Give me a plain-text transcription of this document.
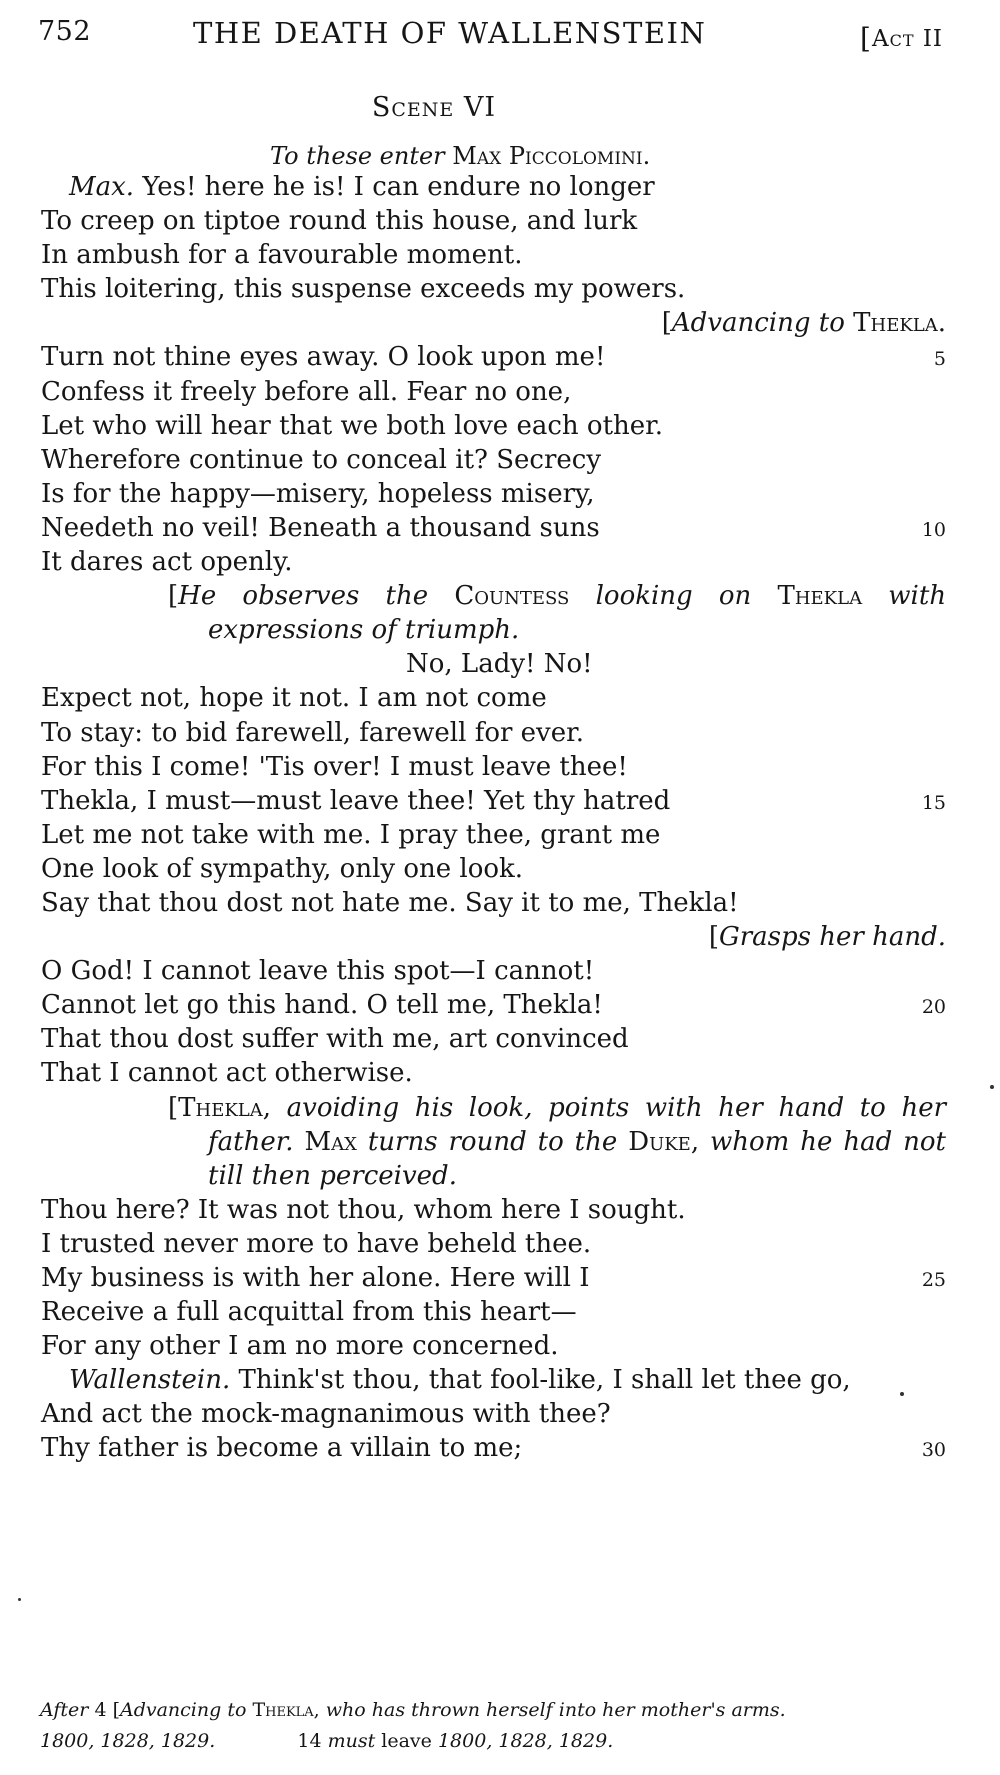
752	THE DEATH OF WALLENSTEIN	[Act II
Scene VI
To these enter Max Piccolomini.
Max. Yes! here he is! I can endure no longer
To creep on tiptoe round this house, and lurk
In ambush for a favourable moment.
This loitering, this suspense exceeds my powers.
[Advancing to Thekla.
Turn not thine eyes away. O look upon me!	5
Confess it freely before all. Fear no one,
Let who will hear that we both love each other.
Wherefore continue to conceal it? Secrecy
Is for the happy—misery, hopeless misery,
Needeth no veil! Beneath a thousand suns	10
It dares act openly.
[He observes the Countess looking on Thekla with expressions of triumph.
No, Lady! No!
Expect not, hope it not. I am not come
To stay: to bid farewell, farewell for ever.
For this I come! 'Tis over! I must leave thee!
Thekla, I must—must leave thee! Yet thy hatred	15
Let me not take with me. I pray thee, grant me
One look of sympathy, only one look.
Say that thou dost not hate me. Say it to me, Thekla!
[Grasps her hand.
O God! I cannot leave this spot—I cannot!
Cannot let go this hand. O tell me, Thekla!	20
That thou dost suffer with me, art convinced
That I cannot act otherwise.
[Thekla, avoiding his look, points with her hand to her father. Max turns round to the Duke, whom he had not till then perceived.
Thou here? It was not thou, whom here I sought.
I trusted never more to have beheld thee.
My business is with her alone. Here will I	25
Receive a full acquittal from this heart—
For any other I am no more concerned.
Wallenstein. Think'st thou, that fool-like, I shall let thee go,
And act the mock-magnanimous with thee?
Thy father is become a villain to me;	30
After 4 [Advancing to Thekla, who has thrown herself into her mother's arms.
1800, 1828, 1829.	14 must leave 1800, 1828, 1829.
